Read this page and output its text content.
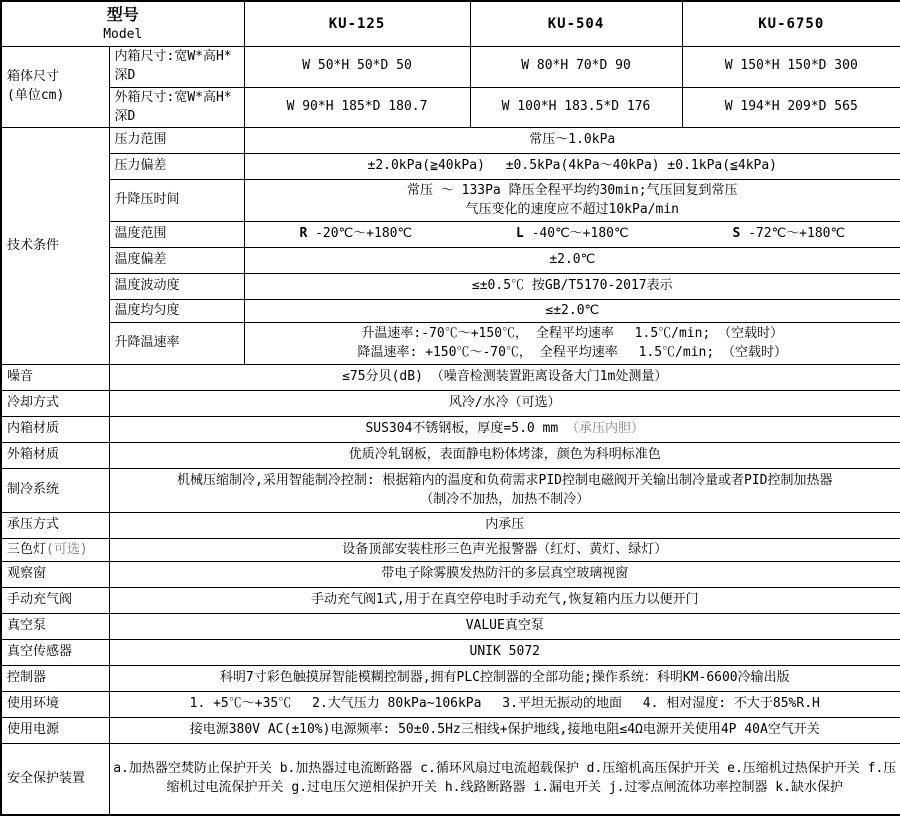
型号
Model		KU-125	KU-504	KU-6750

箱体尺寸
(单位cm)	内箱尺寸:宽W*高H*深D	W 50*H 50*D 50	W 80*H 70*D 90	W 150*H 150*D 300
	外箱尺寸:宽W*高H*深D	W 90*H 185*D 180.7	W 100*H 183.5*D 176	W 194*H 209*D 565
技术条件	压力范围	常压～1.0kPa		
	压力偏差	±2.0kPa(≧40kPa)　 ±0.5kPa(4kPa～40kPa) ±0.1kPa(≦4kPa)		
	升降压时间	常压 ～ 133Pa 降压全程平均约30min;气压回复到常压
气压变化的速度应不超过10kPa/min		

	温度范围	R -20℃～+180℃ L -40℃～+180℃ S -72℃～+180℃		

	温度偏差	±2.0℃		
	温度波动度	≤±0.5℃ 按GB/T5170-2017表示		
	温度均匀度	≤±2.0℃		
	升降温速率	升温速率:-70℃～+150℃， 全程平均速率　 1.5℃/min; （空载时）
降温速率: +150℃～-70℃， 全程平均速率　 1.5℃/min; （空载时）		

噪音	≤75分贝(dB) （噪音检测装置距离设备大门1m处测量）			
冷却方式	风冷/水冷（可选）			
内箱材质	SUS304不锈钢板，厚度=5.0 mm （承压内胆）			
外箱材质	优质冷轧钢板，表面静电粉体烤漆，颜色为科明标准色			
制冷系统	机械压缩制冷,采用智能制冷控制: 根据箱内的温度和负荷需求PID控制电磁阀开关输出制冷量或者PID控制加热器
（制冷不加热，加热不制冷）			

承压方式	内承压			
三色灯(可选)	设备顶部安装柱形三色声光报警器（红灯、黄灯、绿灯）			
观察窗	带电子除雾膜发热防汗的多层真空玻璃视窗			
手动充气阀	手动充气阀1式,用于在真空停电时手动充气,恢复箱内压力以便开门			
真空泵	VALUE真空泵			
真空传感器	UNIK 5072			
控制器	科明7寸彩色触摸屏智能模糊控制器,拥有PLC控制器的全部功能;操作系统：科明KM-6600冷输出版			
使用环境	1. +5℃～+35℃　 2.大气压力 80kPa~106kPa　 3.平坦无振动的地面　 4. 相对湿度: 不大于85%R.H			
使用电源	接电源380V AC(±10%)电源频率: 50±0.5Hz三相线+保护地线,接地电阻≤4Ω电源开关使用4P 40A空气开关			
安全保护装置	a.加热器空焚防止保护开关 b.加热器过电流断路器 c.循环风扇过电流超载保护 d.压缩机高压保护开关 e.压缩机过热保护开关 f.压缩机过电流保护开关 g.过电压欠逆相保护开关 h.线路断路器 i.漏电开关 j.过零点闸流体功率控制器 k.缺水保护			
